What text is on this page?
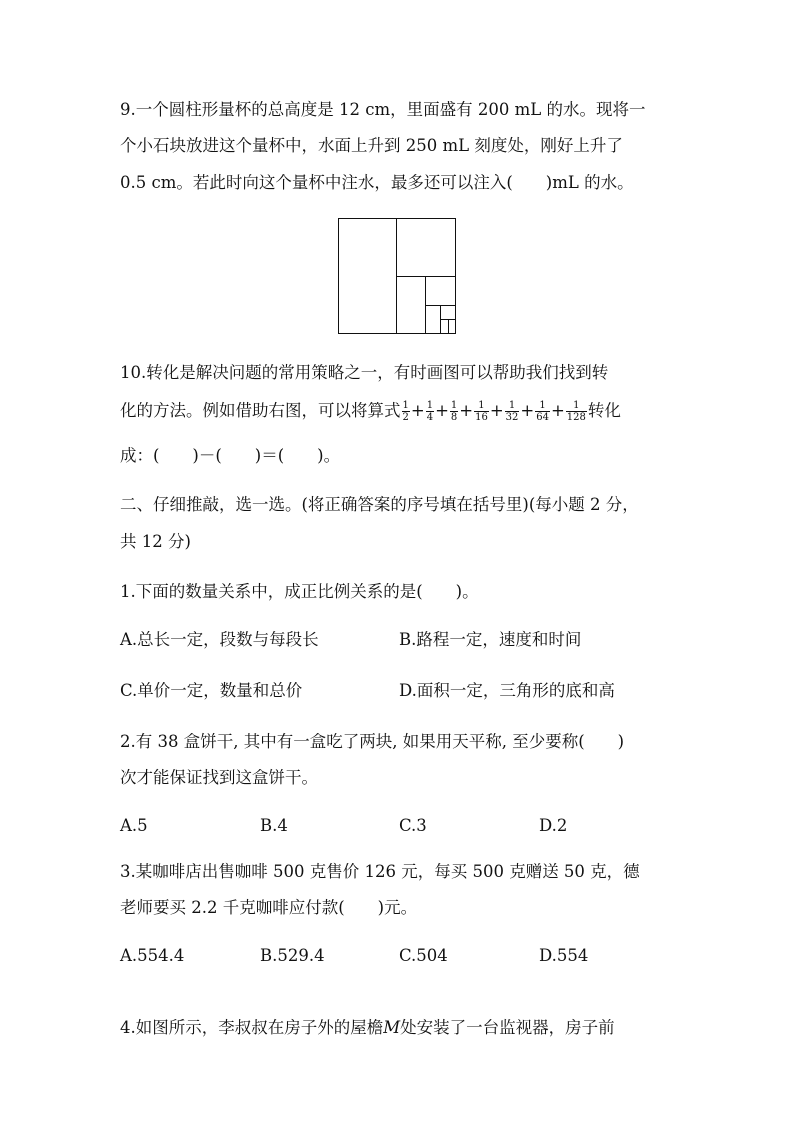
9.一个圆柱形量杯的总高度是 12 cm，里面盛有 200 mL 的水。现将一
个小石块放进这个量杯中，水面上升到 250 mL 刻度处，刚好上升了
0.5 cm。若此时向这个量杯中注水，最多还可以注入(　　)mL 的水。
10.转化是解决问题的常用策略之一，有时画图可以帮助我们找到转
化的方法。例如借助右图，可以将算式 $\frac{1}{2} + \frac{1}{4} + \frac{1}{8} + \frac{1}{16} + \frac{1}{32} + \frac{1}{64} + \frac{1}{128}$ 转化
成：(　　)－(　　)＝(　　)。
二、仔细推敲，选一选。(将正确答案的序号填在括号里)(每小题 2 分，
共 12 分)
1.下面的数量关系中，成正比例关系的是(　　)。
A.总长一定，段数与每段长	B.路程一定，速度和时间
C.单价一定，数量和总价	D.面积一定，三角形的底和高
2.有 38 盒饼干, 其中有一盒吃了两块, 如果用天平称, 至少要称(　　)
次才能保证找到这盒饼干。
A.5	B.4	C.3	D.2
3.某咖啡店出售咖啡 500 克售价 126 元，每买 500 克赠送 50 克，德
老师要买 2.2 千克咖啡应付款(　　)元。
A.554.4	B.529.4	C.504	D.554
4.如图所示，李叔叔在房子外的屋檐M处安装了一台监视器，房子前
